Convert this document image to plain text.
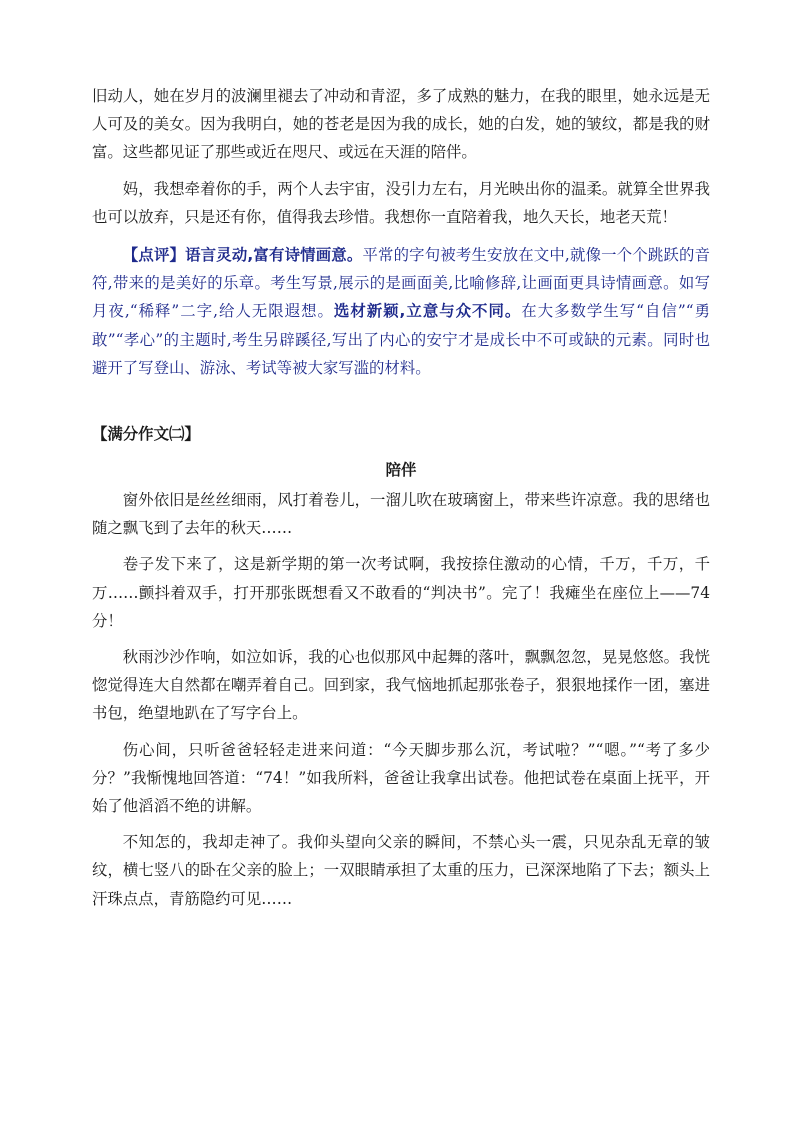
旧动人，她在岁月的波澜里褪去了冲动和青涩，多了成熟的魅力，在我的眼里，她永远是无人可及的美女。因为我明白，她的苍老是因为我的成长，她的白发，她的皱纹，都是我的财富。这些都见证了那些或近在咫尺、或远在天涯的陪伴。

妈，我想牵着你的手，两个人去宇宙，没引力左右，月光映出你的温柔。就算全世界我也可以放弃，只是还有你，值得我去珍惜。我想你一直陪着我，地久天长，地老天荒！

【点评】语言灵动,富有诗情画意。平常的字句被考生安放在文中,就像一个个跳跃的音符,带来的是美好的乐章。考生写景,展示的是画面美,比喻修辞,让画面更具诗情画意。如写月夜,“稀释”二字,给人无限遐想。选材新颖,立意与众不同。在大多数学生写“自信”“勇敢”“孝心”的主题时,考生另辟蹊径,写出了内心的安宁才是成长中不可或缺的元素。同时也避开了写登山、游泳、考试等被大家写滥的材料。

【满分作文㈡】
陪伴

窗外依旧是丝丝细雨，风打着卷儿，一溜儿吹在玻璃窗上，带来些许凉意。我的思绪也随之飘飞到了去年的秋天……

卷子发下来了，这是新学期的第一次考试啊，我按捺住激动的心情，千万，千万，千万……颤抖着双手，打开那张既想看又不敢看的“判决书”。完了！我瘫坐在座位上——74分！

秋雨沙沙作响，如泣如诉，我的心也似那风中起舞的落叶，飘飘忽忽，晃晃悠悠。我恍惚觉得连大自然都在嘲弄着自己。回到家，我气恼地抓起那张卷子，狠狠地揉作一团，塞进书包，绝望地趴在了写字台上。

伤心间，只听爸爸轻轻走进来问道：“今天脚步那么沉，考试啦？”“嗯。”“考了多少分？”我惭愧地回答道：“74！”如我所料，爸爸让我拿出试卷。他把试卷在桌面上抚平，开始了他滔滔不绝的讲解。

不知怎的，我却走神了。我仰头望向父亲的瞬间，不禁心头一震，只见杂乱无章的皱纹，横七竖八的卧在父亲的脸上；一双眼睛承担了太重的压力，已深深地陷了下去；额头上汗珠点点，青筋隐约可见……
